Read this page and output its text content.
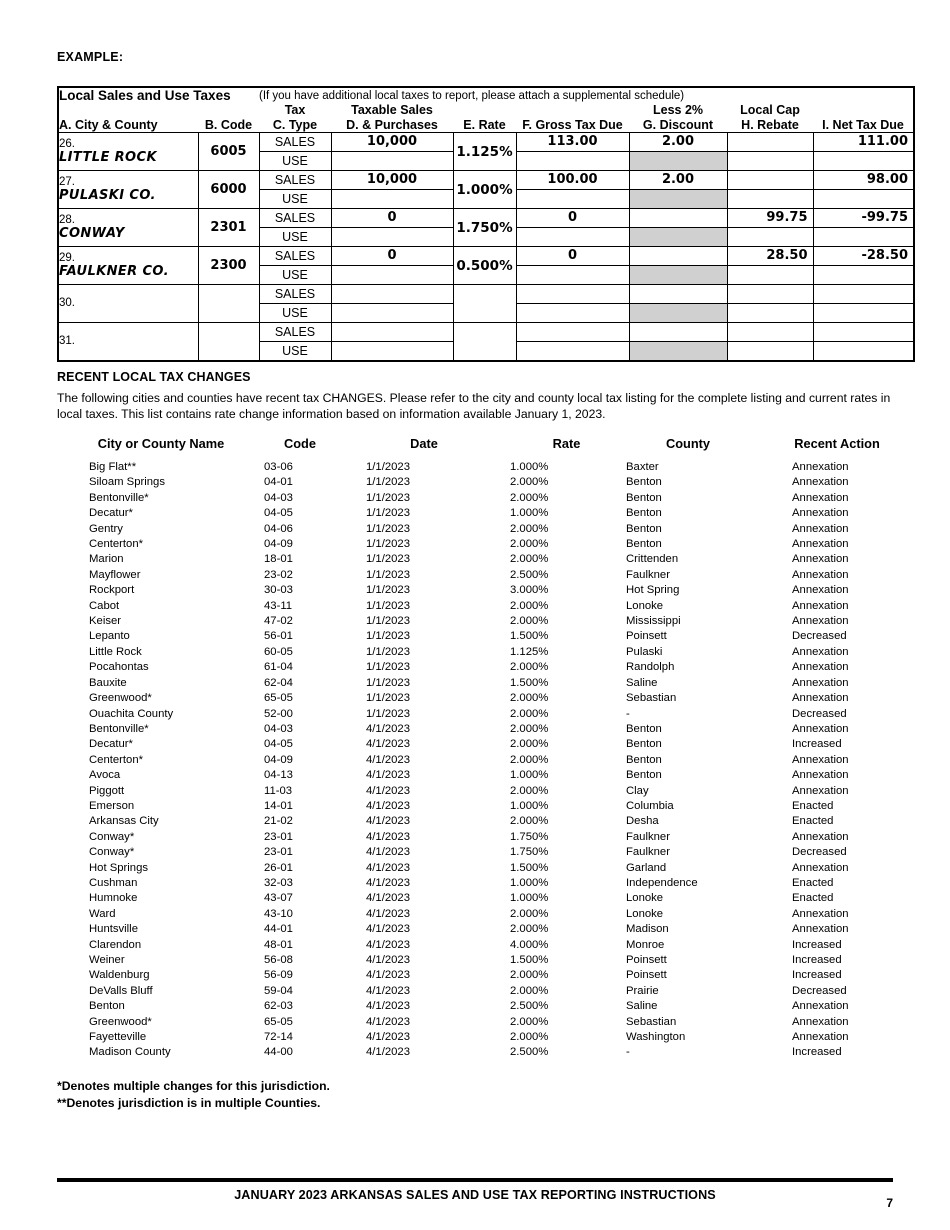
EXAMPLE:
Local Sales and Use Taxes		(If you have additional local taxes to report, please attach a supplemental schedule)						
		Tax	Taxable Sales			Less 2%	Local Cap	
A. City & County	B. Code	C. Type	D. & Purchases	E. Rate	F. Gross Tax Due	G. Discount	H. Rebate	I. Net Tax Due

26.
LITTLE ROCK	6005	SALES	10,000	1.125%	113.00	2.00		111.00
		USE						

27.
PULASKI CO.	6000	SALES	10,000	1.000%	100.00	2.00		98.00
		USE						

28.
CONWAY	2301	SALES	0	1.750%	0		99.75	-99.75
		USE						

29.
FAULKNER CO.	2300	SALES	0	0.500%	0		28.50	-28.50
		USE						

30.		SALES						
		USE						

31.		SALES						
		USE						
RECENT LOCAL TAX CHANGES
The following cities and counties have recent tax CHANGES. Please refer to the city and county local tax listing for the complete listing and current rates in local taxes. This list contains rate change information based on information available January 1, 2023.
City or County Name	Code	Date	Rate	County	Recent Action
Big Flat**	03-06	1/1/2023	1.000%	Baxter	Annexation
Siloam Springs	04-01	1/1/2023	2.000%	Benton	Annexation
Bentonville*	04-03	1/1/2023	2.000%	Benton	Annexation
Decatur*	04-05	1/1/2023	1.000%	Benton	Annexation
Gentry	04-06	1/1/2023	2.000%	Benton	Annexation
Centerton*	04-09	1/1/2023	2.000%	Benton	Annexation
Marion	18-01	1/1/2023	2.000%	Crittenden	Annexation
Mayflower	23-02	1/1/2023	2.500%	Faulkner	Annexation
Rockport	30-03	1/1/2023	3.000%	Hot Spring	Annexation
Cabot	43-11	1/1/2023	2.000%	Lonoke	Annexation
Keiser	47-02	1/1/2023	2.000%	Mississippi	Annexation
Lepanto	56-01	1/1/2023	1.500%	Poinsett	Decreased
Little Rock	60-05	1/1/2023	1.125%	Pulaski	Annexation
Pocahontas	61-04	1/1/2023	2.000%	Randolph	Annexation
Bauxite	62-04	1/1/2023	1.500%	Saline	Annexation
Greenwood*	65-05	1/1/2023	2.000%	Sebastian	Annexation
Ouachita County	52-00	1/1/2023	2.000%	-	Decreased
Bentonville*	04-03	4/1/2023	2.000%	Benton	Annexation
Decatur*	04-05	4/1/2023	2.000%	Benton	Increased
Centerton*	04-09	4/1/2023	2.000%	Benton	Annexation
Avoca	04-13	4/1/2023	1.000%	Benton	Annexation
Piggott	11-03	4/1/2023	2.000%	Clay	Annexation
Emerson	14-01	4/1/2023	1.000%	Columbia	Enacted
Arkansas City	21-02	4/1/2023	2.000%	Desha	Enacted
Conway*	23-01	4/1/2023	1.750%	Faulkner	Annexation
Conway*	23-01	4/1/2023	1.750%	Faulkner	Decreased
Hot Springs	26-01	4/1/2023	1.500%	Garland	Annexation
Cushman	32-03	4/1/2023	1.000%	Independence	Enacted
Humnoke	43-07	4/1/2023	1.000%	Lonoke	Enacted
Ward	43-10	4/1/2023	2.000%	Lonoke	Annexation
Huntsville	44-01	4/1/2023	2.000%	Madison	Annexation
Clarendon	48-01	4/1/2023	4.000%	Monroe	Increased
Weiner	56-08	4/1/2023	1.500%	Poinsett	Increased
Waldenburg	56-09	4/1/2023	2.000%	Poinsett	Increased
DeValls Bluff	59-04	4/1/2023	2.000%	Prairie	Decreased
Benton	62-03	4/1/2023	2.500%	Saline	Annexation
Greenwood*	65-05	4/1/2023	2.000%	Sebastian	Annexation
Fayetteville	72-14	4/1/2023	2.000%	Washington	Annexation
Madison County	44-00	4/1/2023	2.500%	-	Increased
*Denotes multiple changes for this jurisdiction.
**Denotes jurisdiction is in multiple Counties.
JANUARY 2023 ARKANSAS SALES AND USE TAX REPORTING INSTRUCTIONS
7
